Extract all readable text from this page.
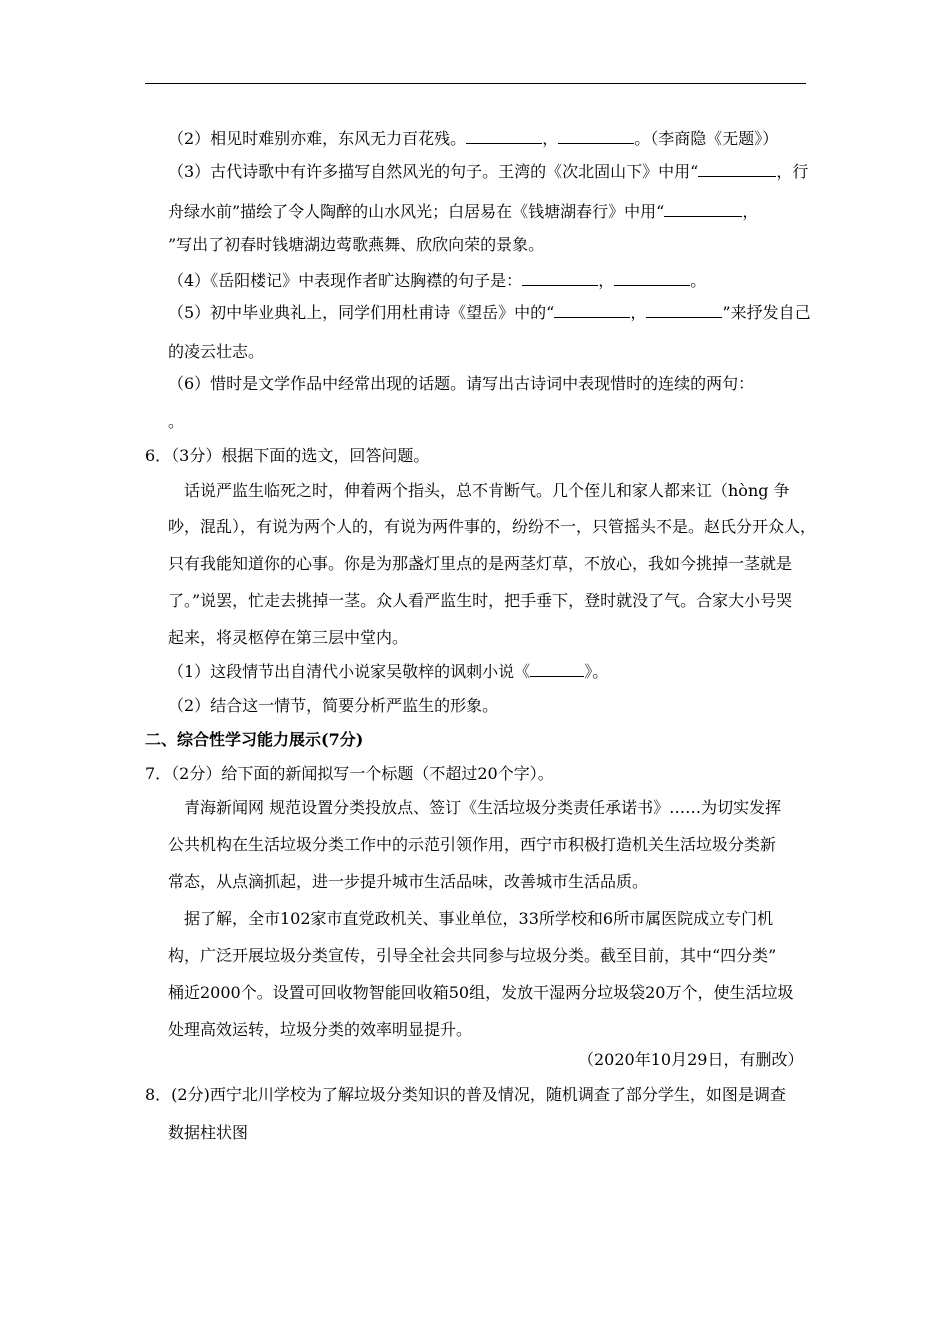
（2）相见时难别亦难，东风无力百花残。	，	。（李商隐《无题》）
（3）古代诗歌中有许多描写自然风光的句子。王湾的《次北固山下》中用“	，行
舟绿水前”描绘了令人陶醉的山水风光；白居易在《钱塘湖春行》中用“	，
”写出了初春时钱塘湖边莺歌燕舞、欣欣向荣的景象。
（4）《岳阳楼记》中表现作者旷达胸襟的句子是：	，	。
（5）初中毕业典礼上，同学们用杜甫诗《望岳》中的“	，	”来抒发自己
的凌云壮志。
（6）惜时是文学作品中经常出现的话题。请写出古诗词中表现惜时的连续的两句：
。
6．（3分）根据下面的选文，回答问题。
话说严监生临死之时，伸着两个指头，总不肯断气。几个侄儿和家人都来讧（hòng 争
吵，混乱），有说为两个人的，有说为两件事的，纷纷不一，只管摇头不是。赵氏分开众人，
只有我能知道你的心事。你是为那盏灯里点的是两茎灯草，不放心，我如今挑掉一茎就是
了。”说罢，忙走去挑掉一茎。众人看严监生时，把手垂下，登时就没了气。合家大小号哭
起来，将灵柩停在第三层中堂内。
（1）这段情节出自清代小说家吴敬梓的讽刺小说《	》。
（2）结合这一情节，简要分析严监生的形象。
二、综合性学习能力展示(7分)
7．（2分）给下面的新闻拟写一个标题（不超过20个字）。
青海新闻网 规范设置分类投放点、签订《生活垃圾分类责任承诺书》……为切实发挥
公共机构在生活垃圾分类工作中的示范引领作用，西宁市积极打造机关生活垃圾分类新
常态，从点滴抓起，进一步提升城市生活品味，改善城市生活品质。
据了解，全市102家市直党政机关、事业单位，33所学校和6所市属医院成立专门机
构，广泛开展垃圾分类宣传，引导全社会共同参与垃圾分类。截至目前，其中“四分类”
桶近2000个。设置可回收物智能回收箱50组，发放干湿两分垃圾袋20万个，使生活垃圾
处理高效运转，垃圾分类的效率明显提升。
（2020年10月29日，有删改）
8．(2分)西宁北川学校为了解垃圾分类知识的普及情况，随机调查了部分学生，如图是调查
数据柱状图
